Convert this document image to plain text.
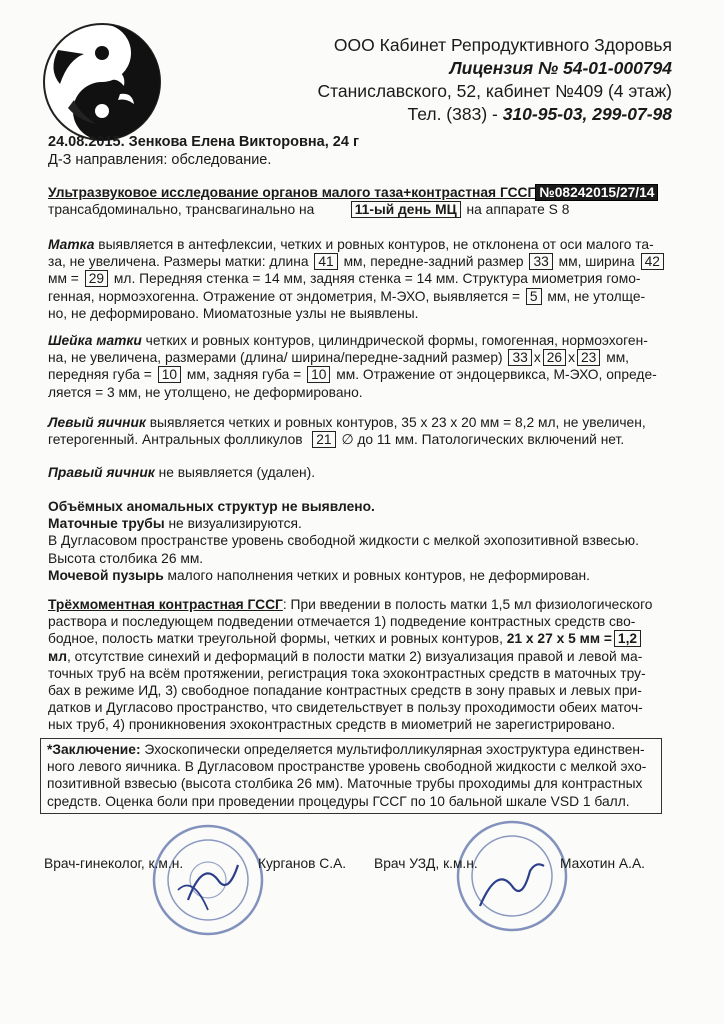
ООО Кабинет Репродуктивного Здоровья
Лицензия № 54-01-000794
Станиславского, 52, кабинет №409 (4 этаж)
Тел. (383) - 310-95-03, 299-07-98
24.08.2015. Зенкова Елена Викторовна, 24 г
Д-З направления: обследование.
Ультразвуковое исследование органов малого таза+контрастная ГССГ №08242015/27/14
трансабдоминально, трансвагинально на	11-ый день МЦ на аппарате S 8
Матка выявляется в антефлексии, четких и ровных контуров, не отклонена от оси малого та-
за, не увеличена. Размеры матки: длина 41 мм, передне-задний размер 33 мм, ширина 42
мм = 29 мл. Передняя стенка = 14 мм, задняя стенка = 14 мм. Структура миометрия гомо-
генная, нормоэхогенна. Отражение от эндометрия, М-ЭХО, выявляется = 5 мм, не утолще-
но, не деформировано. Миоматозные узлы не выявлены.
Шейка матки четких и ровных контуров, цилиндрической формы, гомогенная, нормоэхоген-
на, не увеличена, размерами (длина/ ширина/передне-задний размер) 33 x 26 x 23 мм,
передняя губа = 10 мм, задняя губа = 10 мм. Отражение от эндоцервикса, М-ЭХО, опреде-
ляется = 3 мм, не утолщено, не деформировано.
Левый яичник выявляется четких и ровных контуров, 35 х 23 х 20 мм = 8,2 мл, не увеличен,
гетерогенный. Антральных фолликулов 21 ∅ до 11 мм. Патологических включений нет.
Правый яичник не выявляется (удален).
Объёмных аномальных структур не выявлено.
Маточные трубы не визуализируются.
В Дугласовом пространстве уровень свободной жидкости с мелкой эхопозитивной взвесью.
Высота столбика 26 мм.
Мочевой пузырь малого наполнения четких и ровных контуров, не деформирован.
Трёхмоментная контрастная ГССГ: При введении в полость матки 1,5 мл физиологического
раствора и последующем подведении отмечается 1) подведение контрастных средств сво-
бодное, полость матки треугольной формы, четких и ровных контуров, 21 х 27 х 5 мм = 1,2
мл, отсутствие синехий и деформаций в полости матки 2) визуализация правой и левой ма-
точных труб на всём протяжении, регистрация тока эхоконтрастных средств в маточных тру-
бах в режиме ИД, 3) свободное попадание контрастных средств в зону правых и левых при-
датков и Дугласово пространство, что свидетельствует в пользу проходимости обеих маточ-
ных труб, 4) проникновения эхоконтрастных средств в миометрий не зарегистрировано.
*Заключение: Эхоскопически определяется мультифолликулярная эхоструктура единствен-
ного левого яичника. В Дугласовом пространстве уровень свободной жидкости с мелкой эхо-
позитивной взвесью (высота столбика 26 мм). Маточные трубы проходимы для контрастных
средств. Оценка боли при проведении процедуры ГССГ по 10 бальной шкале VSD 1 балл.
Врач-гинеколог, к.м.н.	Курганов С.А. Врач УЗД, к.м.н.	Махотин А.А.
